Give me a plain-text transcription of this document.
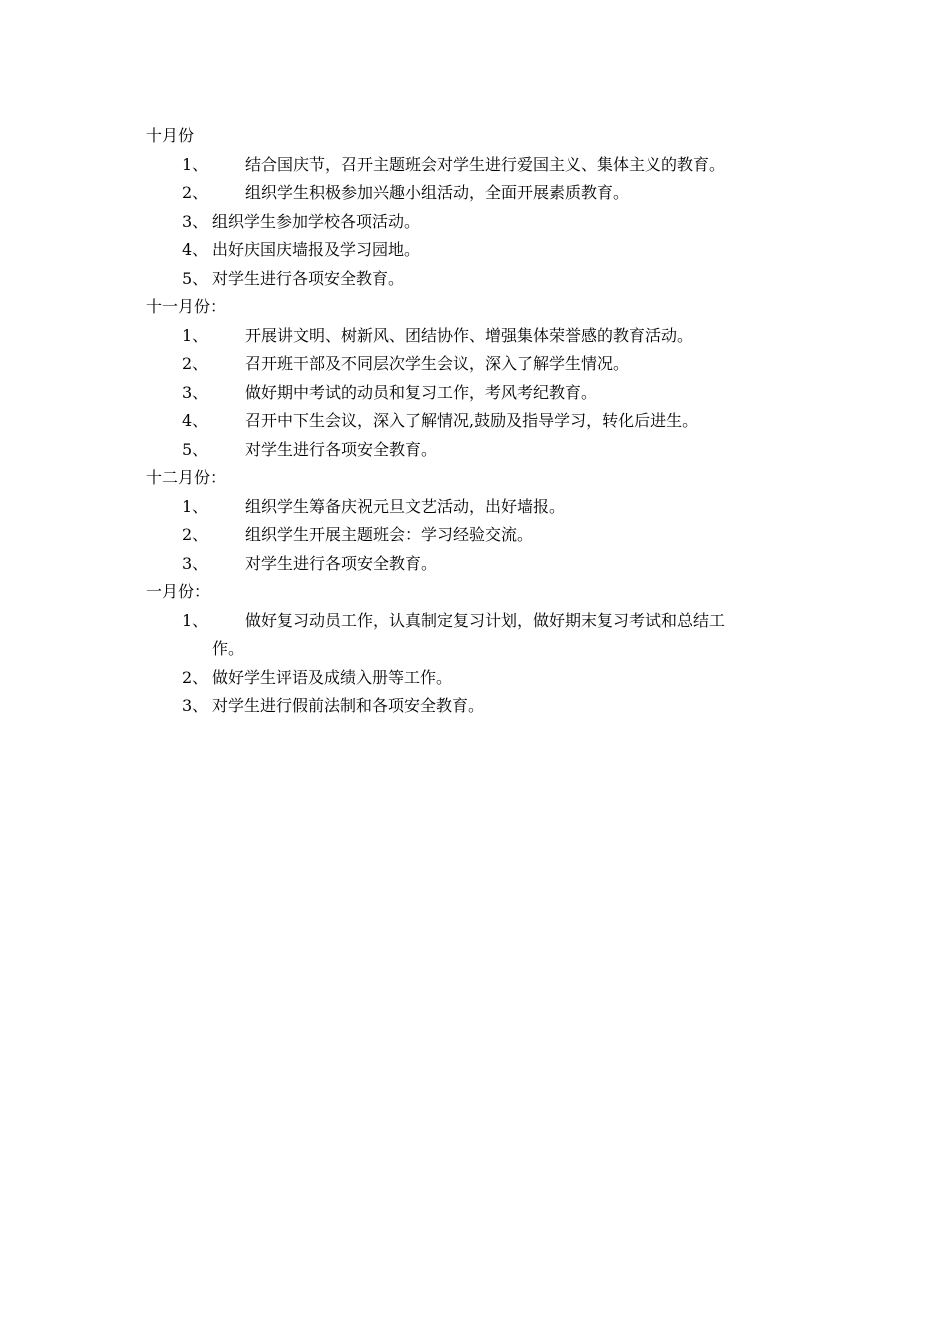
十月份
1、 结合国庆节，召开主题班会对学生进行爱国主义、集体主义的教育。
2、 组织学生积极参加兴趣小组活动，全面开展素质教育。
3、 组织学生参加学校各项活动。
4、 出好庆国庆墙报及学习园地。
5、 对学生进行各项安全教育。
十一月份：
1、 开展讲文明、树新风、团结协作、增强集体荣誉感的教育活动。
2、 召开班干部及不同层次学生会议，深入了解学生情况。
3、 做好期中考试的动员和复习工作，考风考纪教育。
4、 召开中下生会议，深入了解情况,鼓励及指导学习，转化后进生。
5、 对学生进行各项安全教育。
十二月份：
1、 组织学生筹备庆祝元旦文艺活动，出好墙报。
2、 组织学生开展主题班会：学习经验交流。
3、 对学生进行各项安全教育。
一月份：
1、 做好复习动员工作，认真制定复习计划，做好期末复习考试和总结工
作。
2、 做好学生评语及成绩入册等工作。
3、 对学生进行假前法制和各项安全教育。
